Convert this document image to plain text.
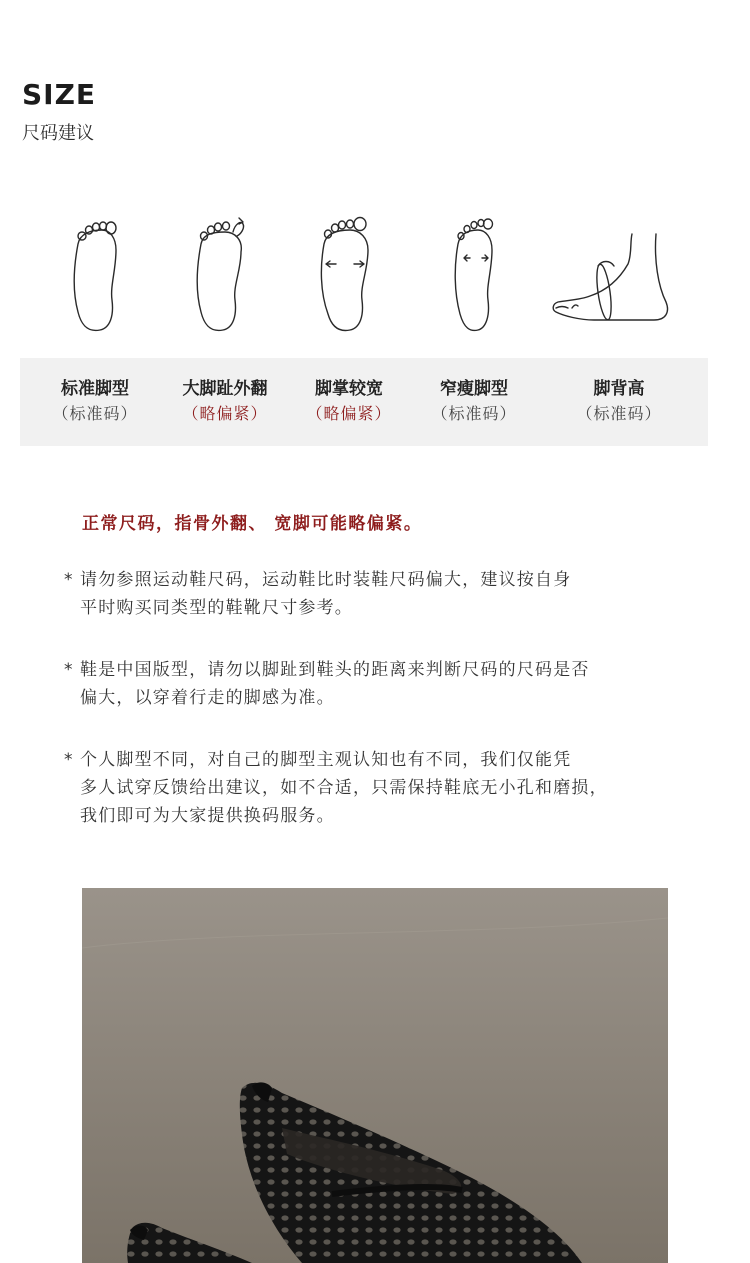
SIZE

尺码建议

标准脚型
（标准码）
大脚趾外翻
（略偏紧）
脚掌较宽
（略偏紧）
窄瘦脚型
（标准码）
脚背高
（标准码）

正常尺码，指骨外翻、 宽脚可能略偏紧。

* 请勿参照运动鞋尺码，运动鞋比时装鞋尺码偏大，建议按自身
平时购买同类型的鞋靴尺寸参考。
* 鞋是中国版型，请勿以脚趾到鞋头的距离来判断尺码的尺码是否
偏大，以穿着行走的脚感为准。
* 个人脚型不同，对自己的脚型主观认知也有不同，我们仅能凭
多人试穿反馈给出建议，如不合适，只需保持鞋底无小孔和磨损，
我们即可为大家提供换码服务。
